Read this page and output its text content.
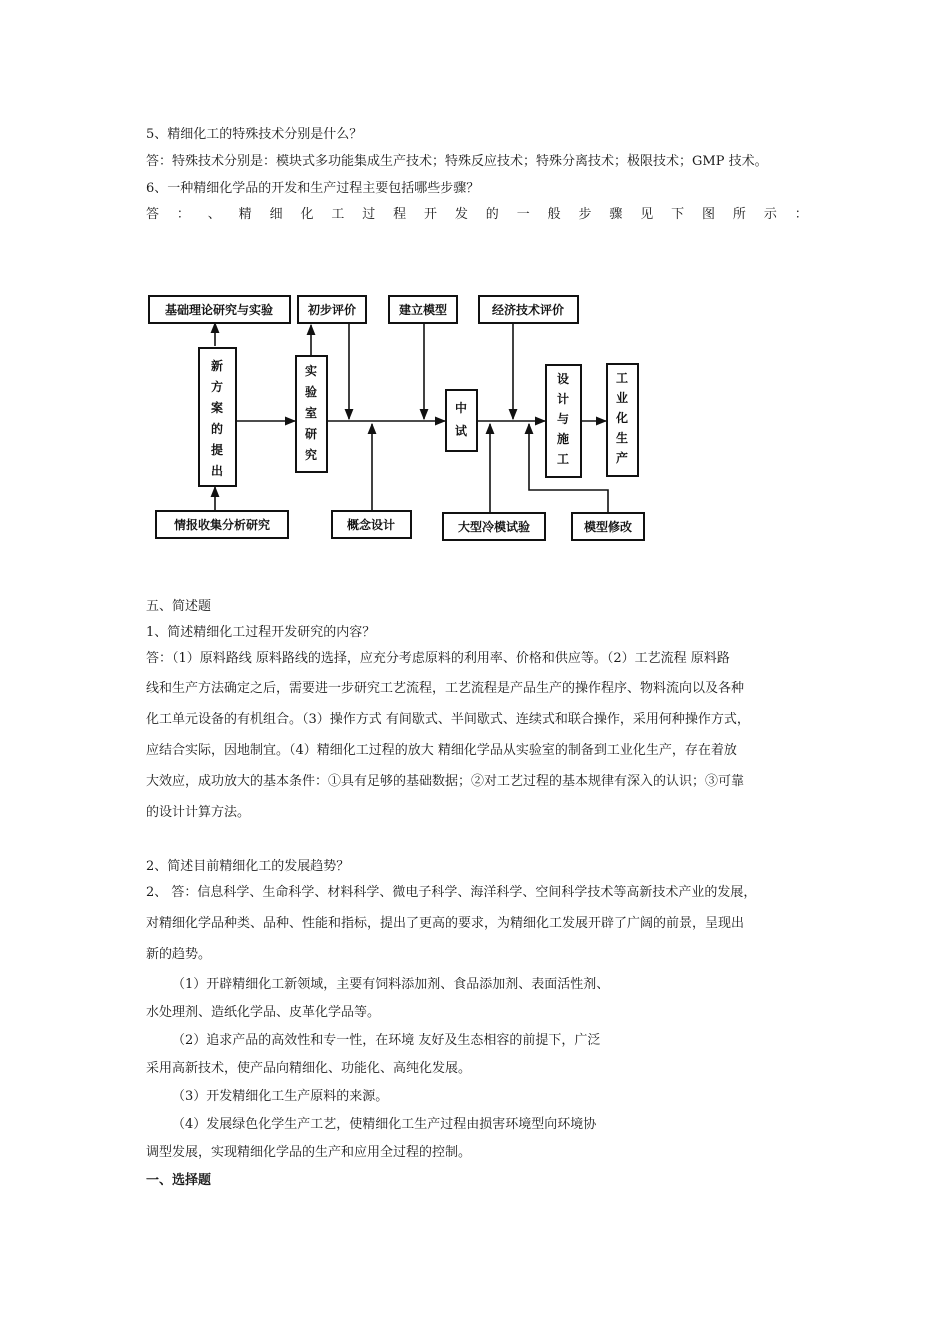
5、精细化工的特殊技术分别是什么？
答：特殊技术分别是：模块式多功能集成生产技术；特殊反应技术；特殊分离技术；极限技术；GMP 技术。
6、一种精细化学品的开发和生产过程主要包括哪些步骤？
答 ： 、 精 细 化 工 过 程 开 发 的 一 般 步 骤 见 下 图 所 示 ：
基础理论研究与实验
新
方
案
的
提
出
情报收集分析研究
初步评价
实
验
室
研
究
概念设计
建立模型
中
试
大型冷模试验
经济技术评价
设
计
与
施
工
模型修改
工
业
化
生
产
五、简述题
1、简述精细化工过程开发研究的内容？
答：（1）原料路线 原料路线的选择，应充分考虑原料的利用率、价格和供应等。（2）工艺流程 原料路
线和生产方法确定之后，需要进一步研究工艺流程，工艺流程是产品生产的操作程序、物料流向以及各种
化工单元设备的有机组合。（3）操作方式 有间歇式、半间歇式、连续式和联合操作，采用何种操作方式，
应结合实际，因地制宜。（4）精细化工过程的放大 精细化学品从实验室的制备到工业化生产，存在着放
大效应，成功放大的基本条件：①具有足够的基础数据；②对工艺过程的基本规律有深入的认识；③可靠
的设计计算方法。
2、简述目前精细化工的发展趋势？
2、 答：信息科学、生命科学、材料科学、微电子科学、海洋科学、空间科学技术等高新技术产业的发展，
对精细化学品种类、品种、性能和指标，提出了更高的要求，为精细化工发展开辟了广阔的前景，呈现出
新的趋势。
（1）开辟精细化工新领域，主要有饲料添加剂、食品添加剂、表面活性剂、
水处理剂、造纸化学品、皮革化学品等。
（2）追求产品的高效性和专一性，在环境 友好及生态相容的前提下，广泛
采用高新技术，使产品向精细化、功能化、高纯化发展。
（3）开发精细化工生产原料的来源。
（4）发展绿色化学生产工艺，使精细化工生产过程由损害环境型向环境协
调型发展，实现精细化学品的生产和应用全过程的控制。
一、选择题
